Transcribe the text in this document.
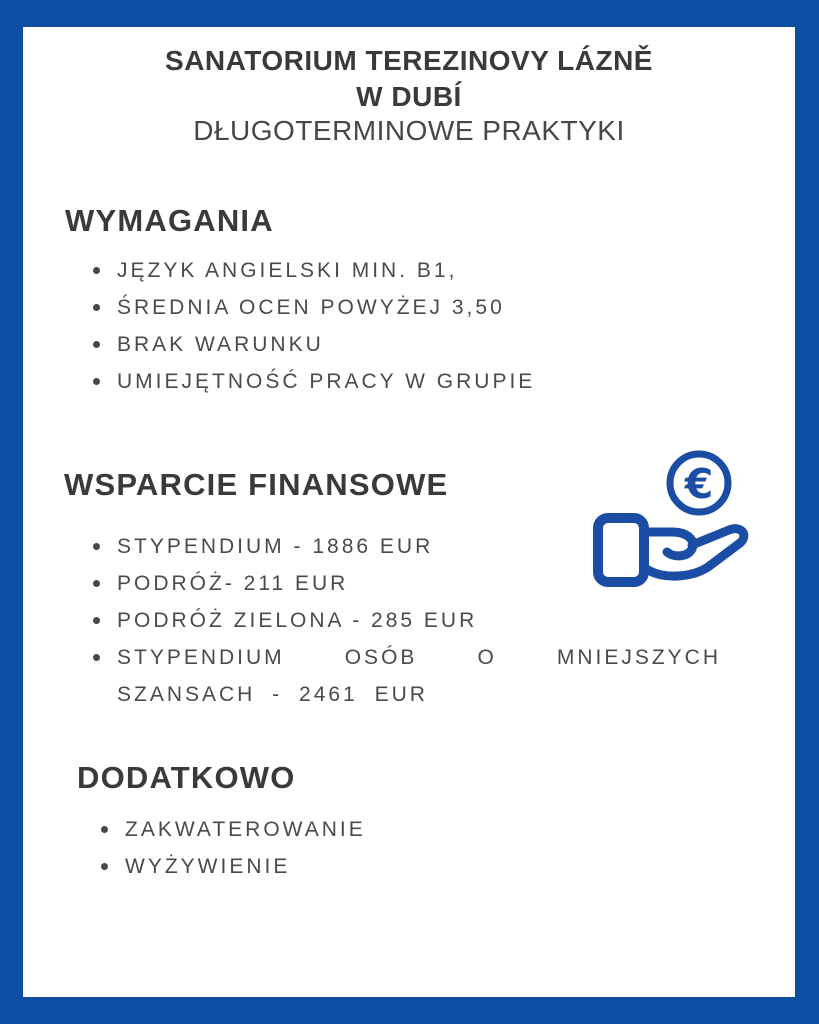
SANATORIUM TEREZINOVY LÁZNĚ
W DUBÍ
DŁUGOTERMINOWE PRAKTYKI
WYMAGANIA
JĘZYK ANGIELSKI MIN. B1,
ŚREDNIA OCEN POWYŻEJ 3,50
BRAK WARUNKU
UMIEJĘTNOŚĆ PRACY W GRUPIE
WSPARCIE FINANSOWE
STYPENDIUM - 1886 EUR
PODRÓŻ- 211 EUR
PODRÓŻ ZIELONA - 285 EUR
STYPENDIUM OSÓB O MNIEJSZYCH SZANSACH - 2461 EUR
€
DODATKOWO
ZAKWATEROWANIE
WYŻYWIENIE
